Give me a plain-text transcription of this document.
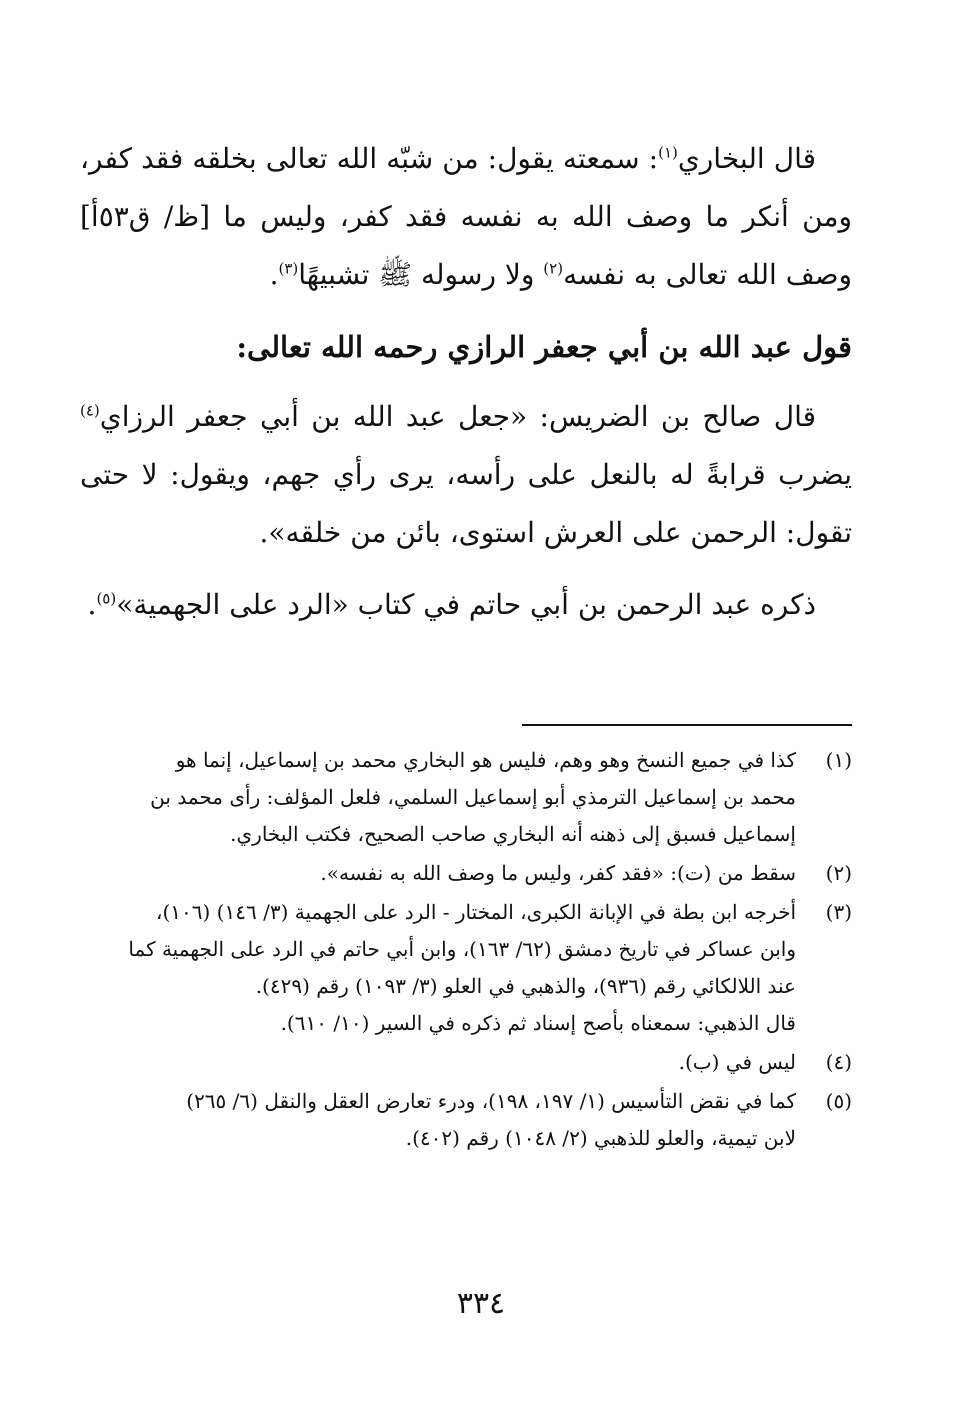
قال البخاري$^{(١)}$: سمعته يقول: من شبّه الله تعالى بخلقه فقد كفر، ومن أنكر ما وصف الله به نفسه فقد كفر، وليس ما [ظ/ ق٥٣أ] وصف الله تعالى به نفسه$^{(٢)}$ ولا رسوله ﷺ تشبيهًا$^{(٣)}$.

قول عبد الله بن أبي جعفر الرازي رحمه الله تعالى:

قال صالح بن الضريس: «جعل عبد الله بن أبي جعفر الرزاي$^{(٤)}$ يضرب قرابةً له بالنعل على رأسه، يرى رأي جهم، ويقول: لا حتى تقول: الرحمن على العرش استوى، بائن من خلقه».

ذكره عبد الرحمن بن أبي حاتم في كتاب «الرد على الجهمية»$^{(٥)}$.

(١)
كذا في جميع النسخ وهو وهم، فليس هو البخاري محمد بن إسماعيل، إنما هو
محمد بن إسماعيل الترمذي أبو إسماعيل السلمي، فلعل المؤلف: رأى محمد بن
إسماعيل فسبق إلى ذهنه أنه البخاري صاحب الصحيح، فكتب البخاري.
(٢)
سقط من (ت): «فقد كفر، وليس ما وصف الله به نفسه».
(٣)
أخرجه ابن بطة في الإبانة الكبرى، المختار - الرد على الجهمية (٣/ ١٤٦) (١٠٦)،
وابن عساكر في تاريخ دمشق (٦٢/ ١٦٣)، وابن أبي حاتم في الرد على الجهمية كما
عند اللالكائي رقم (٩٣٦)، والذهبي في العلو (٣/ ١٠٩٣) رقم (٤٢٩).
قال الذهبي: سمعناه بأصح إسناد ثم ذكره في السير (١٠/ ٦١٠).
(٤)
ليس في (ب).
(٥)
كما في نقض التأسيس (١/ ١٩٧، ١٩٨)، ودرء تعارض العقل والنقل (٦/ ٢٦٥)
لابن تيمية، والعلو للذهبي (٢/ ١٠٤٨) رقم (٤٠٢).
٣٣٤
